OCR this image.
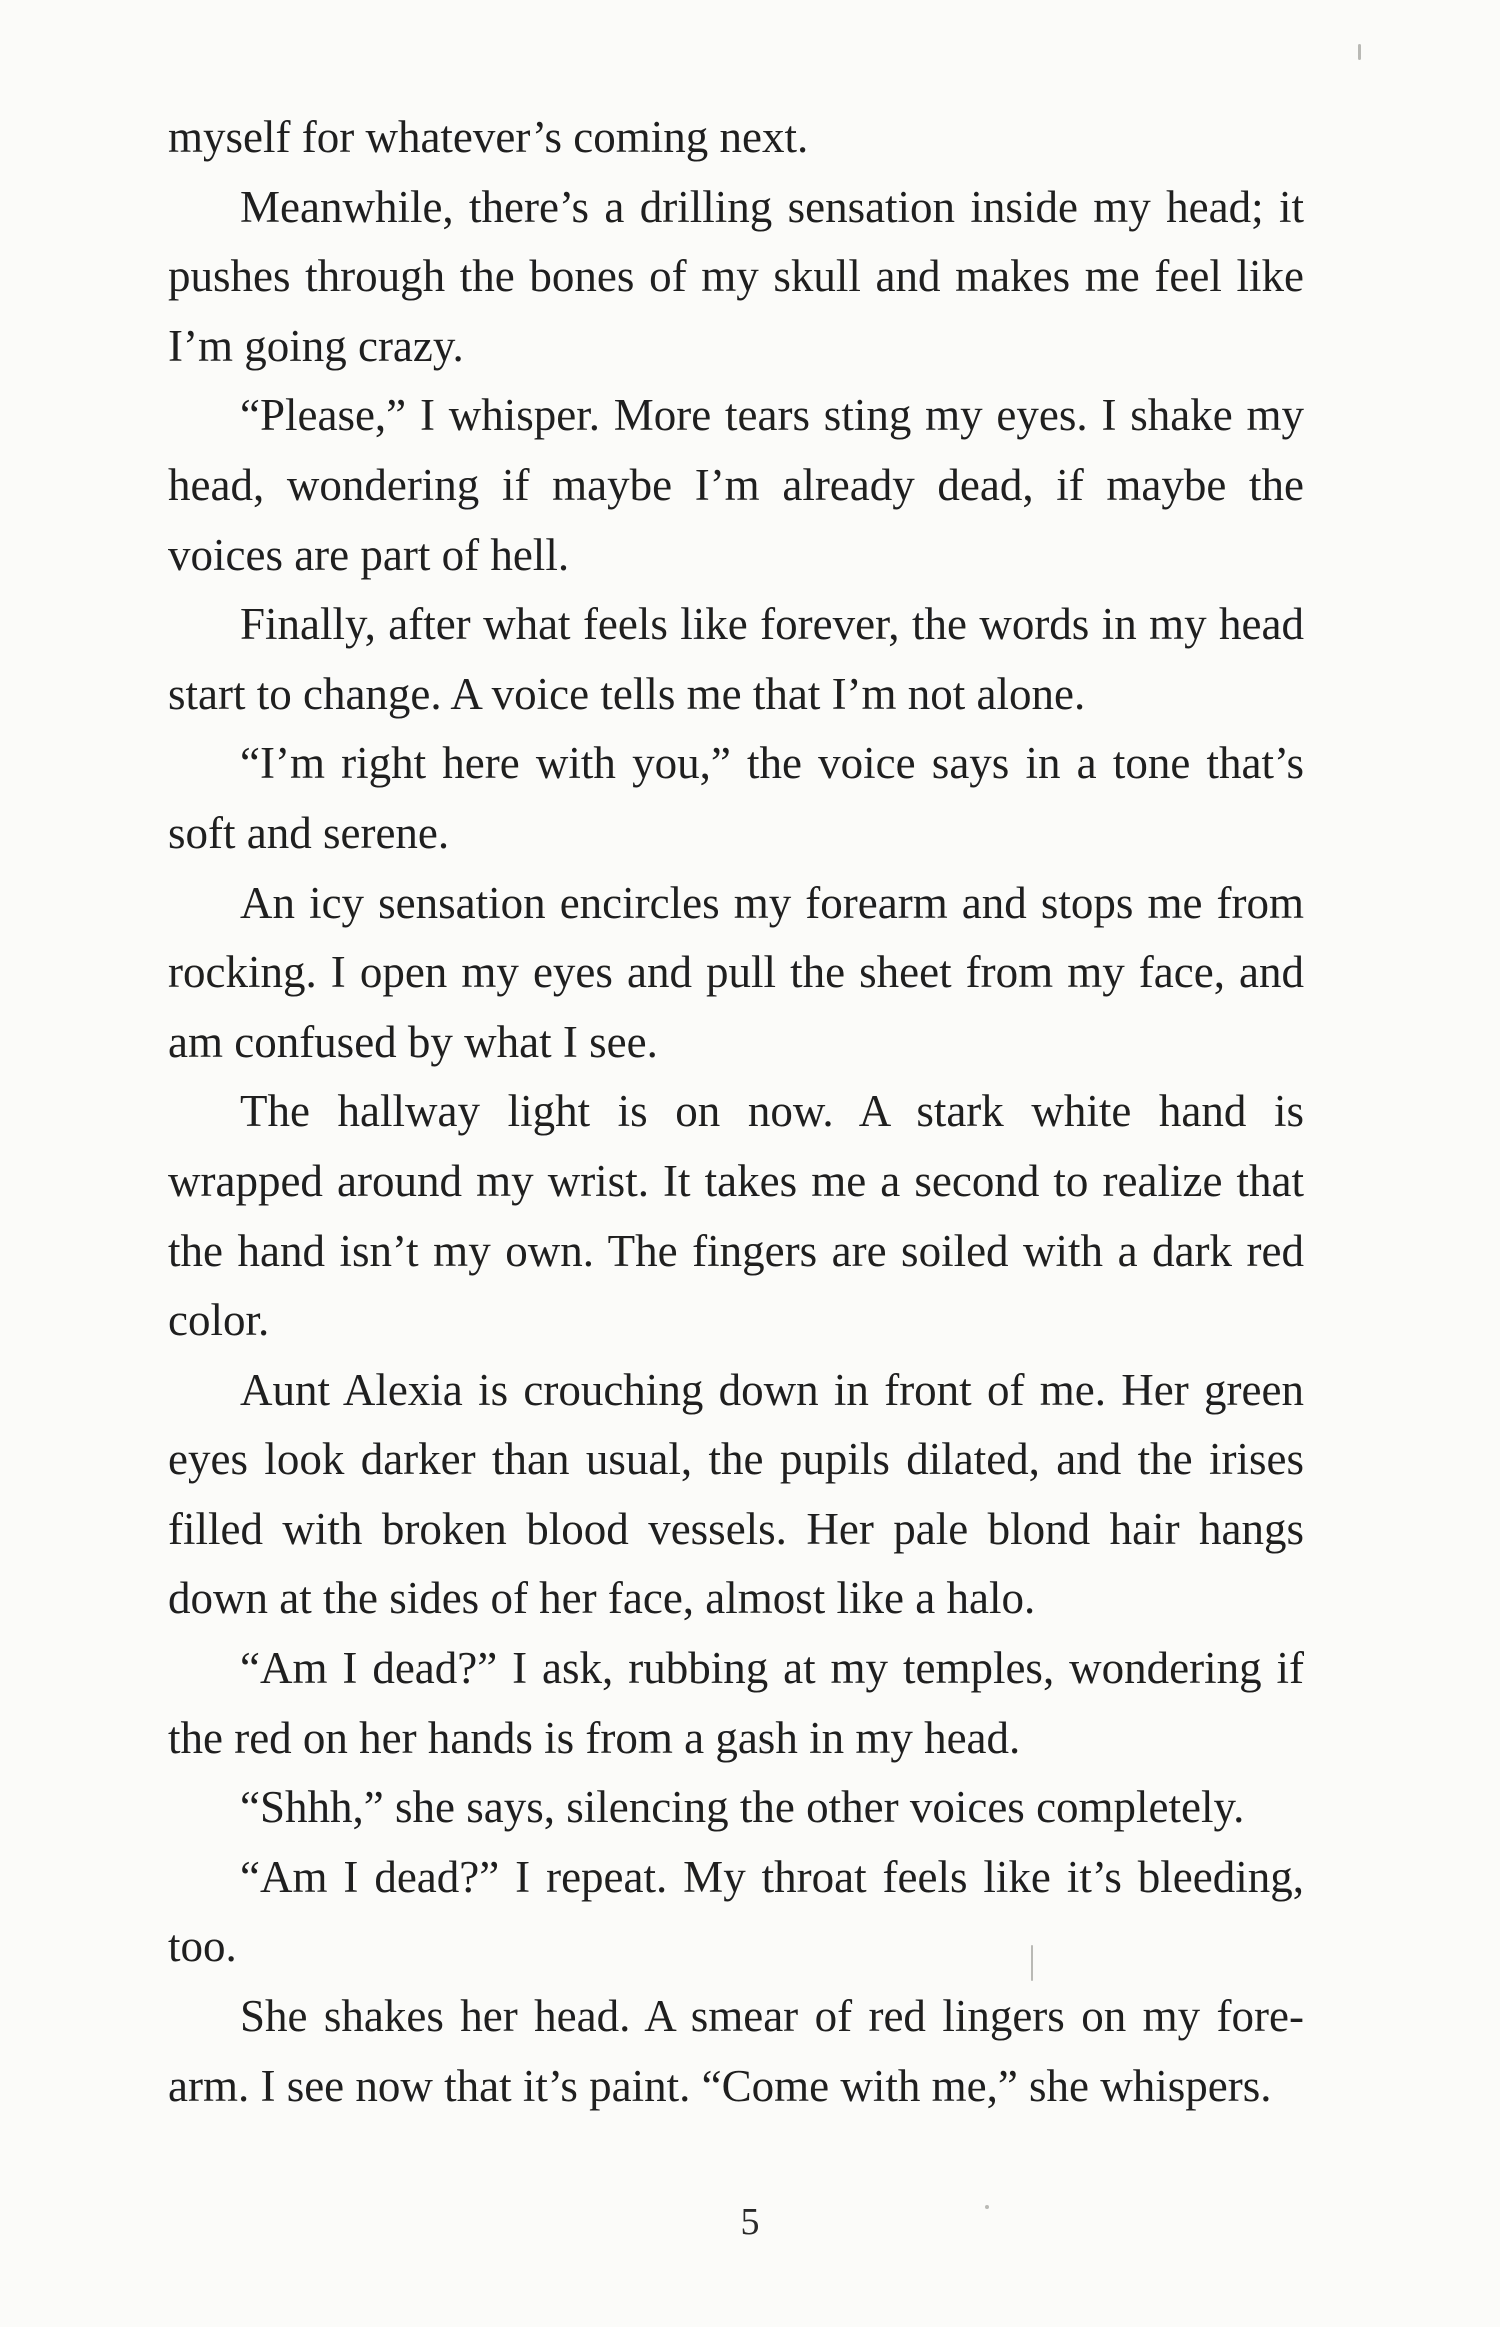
myself for whatever’s coming next.

Meanwhile, there’s a drilling sensation inside my head; it pushes through the bones of my skull and makes me feel like I’m going crazy.

“Please,” I whisper. More tears sting my eyes. I shake my head, wondering if maybe I’m already dead, if maybe the voices are part of hell.

Finally, after what feels like forever, the words in my head start to change. A voice tells me that I’m not alone.

“I’m right here with you,” the voice says in a tone that’s soft and serene.

An icy sensation encircles my forearm and stops me from rocking. I open my eyes and pull the sheet from my face, and am confused by what I see.

The hallway light is on now. A stark white hand is wrapped around my wrist. It takes me a second to realize that the hand isn’t my own. The fingers are soiled with a dark red color.

Aunt Alexia is crouching down in front of me. Her green eyes look darker than usual, the pupils dilated, and the irises filled with broken blood vessels. Her pale blond hair hangs down at the sides of her face, almost like a halo.

“Am I dead?” I ask, rubbing at my temples, wondering if the red on her hands is from a gash in my head.

“Shhh,” she says, silencing the other voices completely.

“Am I dead?” I repeat. My throat feels like it’s bleeding, too.

She shakes her head. A smear of red lingers on my forearm. I see now that it’s paint. “Come with me,” she whispers.

5
